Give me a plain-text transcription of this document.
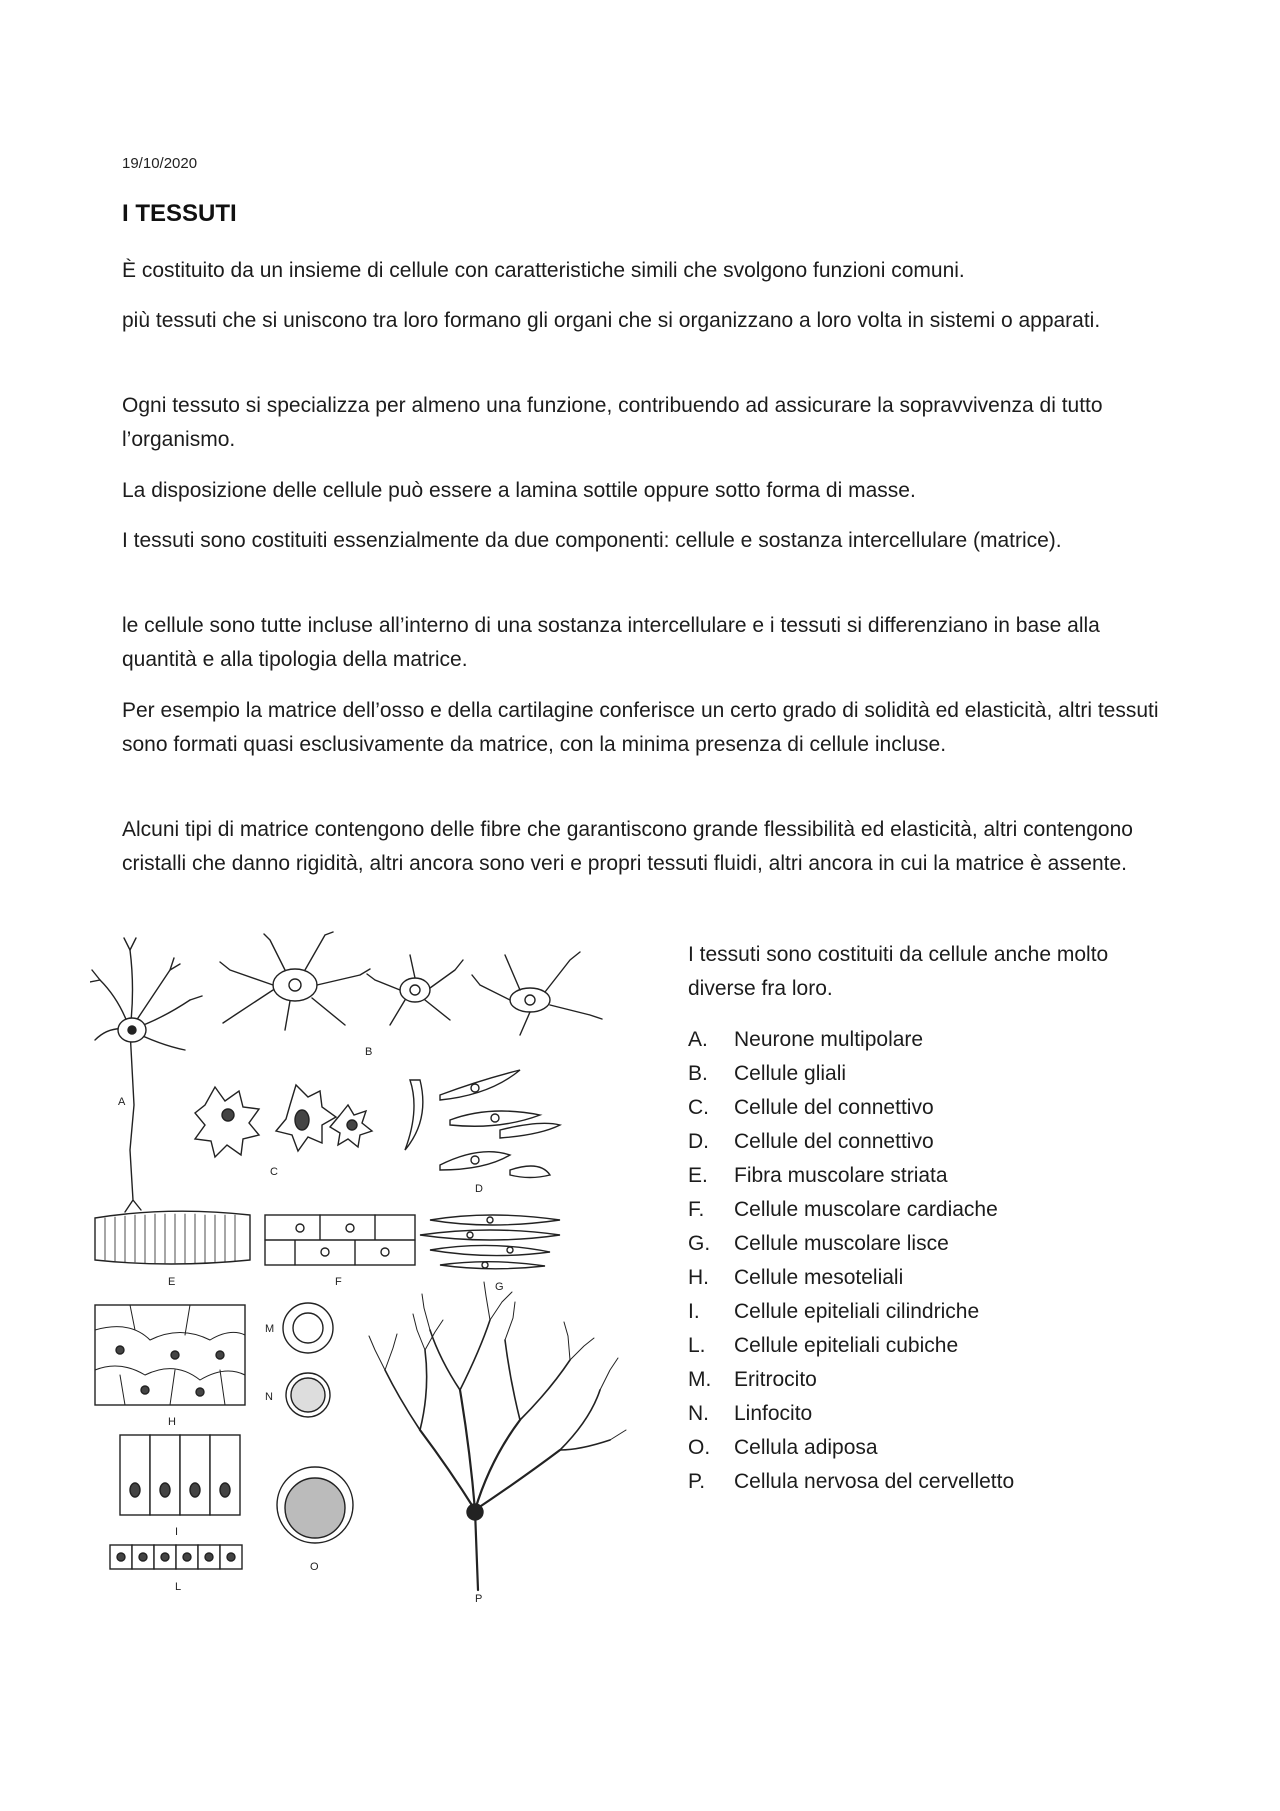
19/10/2020
I TESSUTI

È costituito da un insieme di cellule con caratteristiche simili che svolgono funzioni comuni.

più tessuti che si uniscono tra loro formano gli organi che si organizzano a loro volta in sistemi o apparati.

Ogni tessuto si specializza per almeno una funzione, contribuendo ad assicurare la sopravvivenza di tutto l’organismo.

La disposizione delle cellule può essere a lamina sottile oppure sotto forma di masse.

I tessuti sono costituiti essenzialmente da due componenti: cellule e sostanza intercellulare (matrice).

le cellule sono tutte incluse all’interno di una sostanza intercellulare e i tessuti si differenziano in base alla quantità e alla tipologia della matrice.

Per esempio la matrice dell’osso e della cartilagine conferisce un certo grado di solidità ed elasticità, altri tessuti sono formati quasi esclusivamente da matrice, con la minima presenza di cellule incluse.

Alcuni tipi di matrice contengono delle fibre che garantiscono grande flessibilità ed elasticità, altri contengono cristalli che danno rigidità, altri ancora sono veri e propri tessuti fluidi, altri ancora in cui la matrice è assente.

B
A
C
D
E	F	G
H
M
N
I
L
O
P

I tessuti sono costituiti da cellule anche molto diverse fra loro.

A.	Neurone multipolare
B.	Cellule gliali
C.	Cellule del connettivo
D.	Cellule del connettivo
E.	Fibra muscolare striata
F.	Cellule muscolare cardiache
G.	Cellule muscolare lisce
H.	Cellule mesoteliali
I.	Cellule epiteliali cilindriche
L.	Cellule epiteliali cubiche
M.	Eritrocito
N.	Linfocito
O.	Cellula adiposa
P.	Cellula nervosa del cervelletto
